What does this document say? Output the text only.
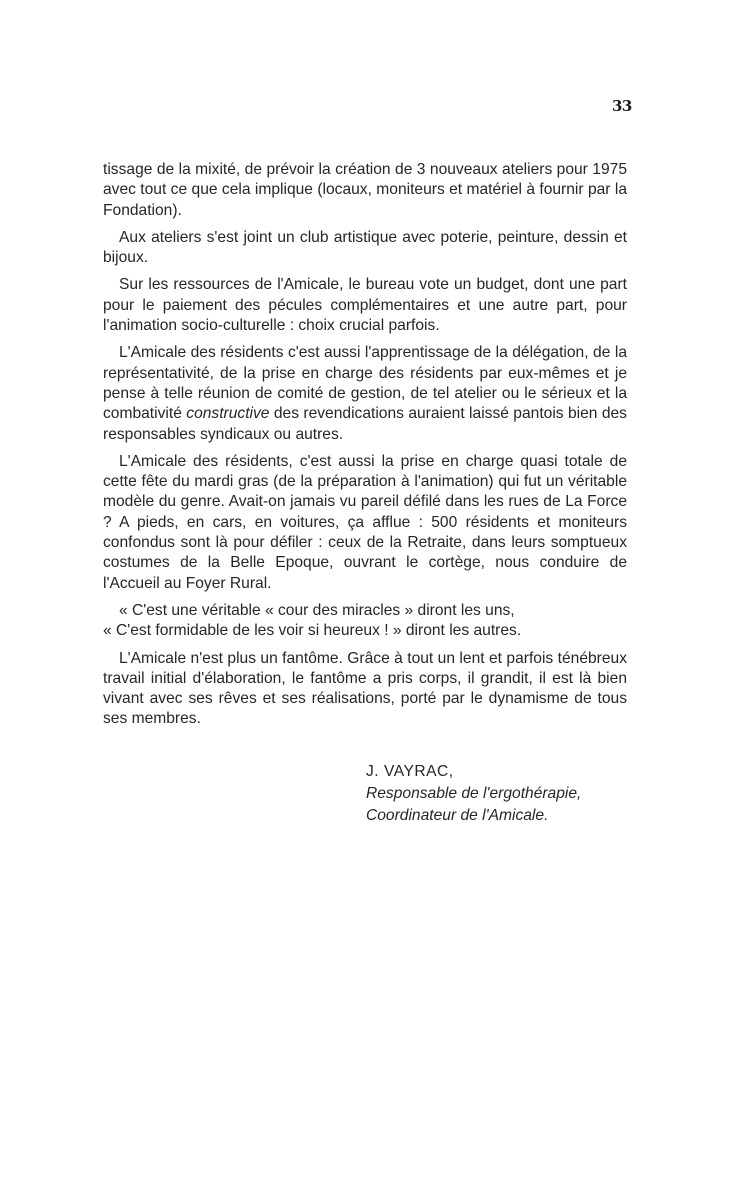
33

tissage de la mixité, de prévoir la création de 3 nouveaux ateliers pour 1975 avec tout ce que cela implique (locaux, moniteurs et matériel à fournir par la Fondation).

Aux ateliers s'est joint un club artistique avec poterie, peinture, dessin et bijoux.

Sur les ressources de l'Amicale, le bureau vote un budget, dont une part pour le paiement des pécules complémentaires et une autre part, pour l'animation socio-culturelle : choix crucial parfois.

L'Amicale des résidents c'est aussi l'apprentissage de la délégation, de la représentativité, de la prise en charge des résidents par eux-mêmes et je pense à telle réunion de comité de gestion, de tel atelier ou le sérieux et la combativité constructive des revendications auraient laissé pantois bien des responsables syndicaux ou autres.

L'Amicale des résidents, c'est aussi la prise en charge quasi totale de cette fête du mardi gras (de la préparation à l'animation) qui fut un véritable modèle du genre. Avait-on jamais vu pareil défilé dans les rues de La Force ? A pieds, en cars, en voitures, ça afflue : 500 résidents et moniteurs confondus sont là pour défiler : ceux de la Retraite, dans leurs somptueux costumes de la Belle Epoque, ouvrant le cortège, nous conduire de l'Accueil au Foyer Rural.

« C'est une véritable « cour des miracles » diront les uns,
« C'est formidable de les voir si heureux ! » diront les autres.

L'Amicale n'est plus un fantôme. Grâce à tout un lent et parfois ténébreux travail initial d'élaboration, le fantôme a pris corps, il grandit, il est là bien vivant avec ses rêves et ses réalisations, porté par le dynamisme de tous ses membres.

J. VAYRAC,
Responsable de l'ergothérapie,
Coordinateur de l'Amicale.
